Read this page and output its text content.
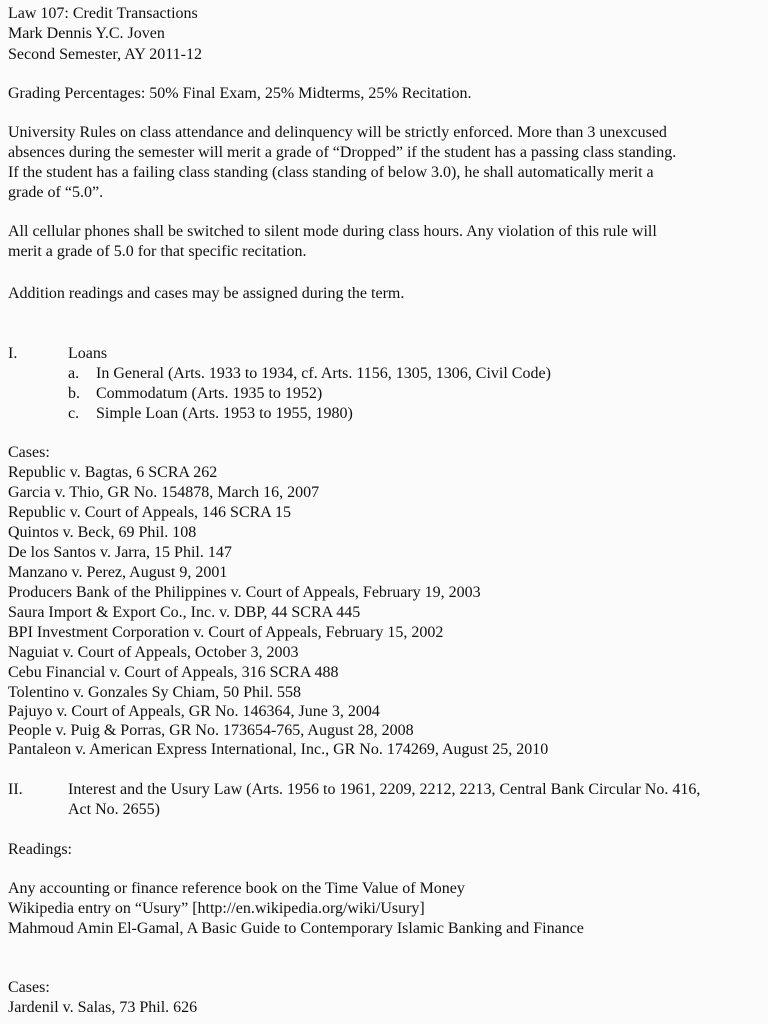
Law 107: Credit Transactions
Mark Dennis Y.C. Joven
Second Semester, AY 2011-12
Grading Percentages: 50% Final Exam, 25% Midterms, 25% Recitation.
University Rules on class attendance and delinquency will be strictly enforced. More than 3 unexcused
absences during the semester will merit a grade of “Dropped” if the student has a passing class standing.
If the student has a failing class standing (class standing of below 3.0), he shall automatically merit a
grade of “5.0”.
All cellular phones shall be switched to silent mode during class hours. Any violation of this rule will
merit a grade of 5.0 for that specific recitation.
Addition readings and cases may be assigned during the term.
I.	Loans
a. In General (Arts. 1933 to 1934, cf. Arts. 1156, 1305, 1306, Civil Code)
b. Commodatum (Arts. 1935 to 1952)
c. Simple Loan (Arts. 1953 to 1955, 1980)
Cases:
Republic v. Bagtas, 6 SCRA 262
Garcia v. Thio, GR No. 154878, March 16, 2007
Republic v. Court of Appeals, 146 SCRA 15
Quintos v. Beck, 69 Phil. 108
De los Santos v. Jarra, 15 Phil. 147
Manzano v. Perez, August 9, 2001
Producers Bank of the Philippines v. Court of Appeals, February 19, 2003
Saura Import & Export Co., Inc. v. DBP, 44 SCRA 445
BPI Investment Corporation v. Court of Appeals, February 15, 2002
Naguiat v. Court of Appeals, October 3, 2003
Cebu Financial v. Court of Appeals, 316 SCRA 488
Tolentino v. Gonzales Sy Chiam, 50 Phil. 558
Pajuyo v. Court of Appeals, GR No. 146364, June 3, 2004
People v. Puig & Porras, GR No. 173654-765, August 28, 2008
Pantaleon v. American Express International, Inc., GR No. 174269, August 25, 2010
II.	Interest and the Usury Law (Arts. 1956 to 1961, 2209, 2212, 2213, Central Bank Circular No. 416,
Act No. 2655)
Readings:
Any accounting or finance reference book on the Time Value of Money
Wikipedia entry on “Usury” [http://en.wikipedia.org/wiki/Usury]
Mahmoud Amin El-Gamal, A Basic Guide to Contemporary Islamic Banking and Finance
Cases:
Jardenil v. Salas, 73 Phil. 626
